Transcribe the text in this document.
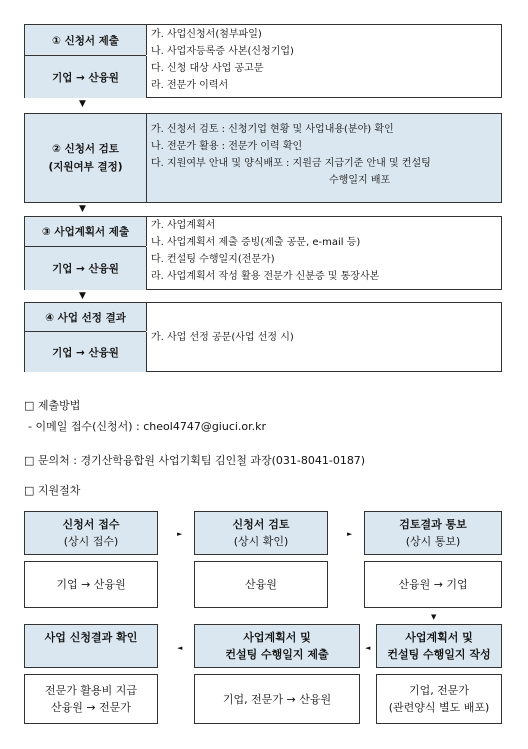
① 신청서 제출
기업 → 산융원
가. 사업신청서(첨부파일)
나. 사업자등록증 사본(신청기업)
다. 신청 대상 사업 공고문
라. 전문가 이력서
▼
② 신청서 검토
(지원여부 결정)
가. 신청서 검토 : 신청기업 현황 및 사업내용(분야) 확인
나. 전문가 활용 : 전문가 이력 확인
다. 지원여부 안내 및 양식배포 : 지원금 지급기준 안내 및 컨설팅
수행일지 배포
▼
③ 사업계획서 제출
기업 → 산융원
가. 사업계획서
나. 사업계획서 제출 증빙(제출 공문, e-mail 등)
다. 컨설팅 수행일지(전문가)
라. 사업계획서 작성 활용 전문가 신분증 및 통장사본
▼
④ 사업 선정 결과
기업 → 산융원
가. 사업 선정 공문(사업 선정 시)
□ 제출방법
- 이메일 접수(신청서) : cheol4747@giuci.or.kr
□ 문의처 : 경기산학융합원 사업기획팀 김인철 과장(031-8041-0187)
□ 지원절차
신청서 접수
(상시 접수)
►
신청서 검토
(상시 확인)
►
검토결과 통보
(상시 통보)
기업 → 산융원	산융원	산융원 → 기업
▼
사업 신청결과 확인
◄
사업계획서 및
컨설팅 수행일지 제출	◄
사업계획서 및
컨설팅 수행일지 작성
전문가 활용비 지급
산융원 → 전문가
기업, 전문가 → 산융원
기업, 전문가
(관련양식 별도 배포)
